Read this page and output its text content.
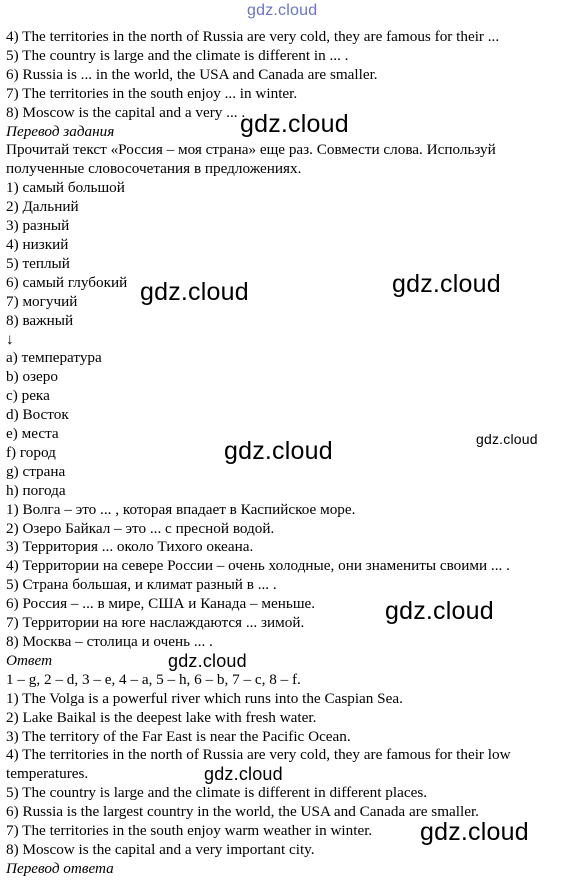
4) The territories in the north of Russia are very cold, they are famous for their ...
5) The country is large and the climate is different in ... .
6) Russia is ... in the world, the USA and Canada are smaller.
7) The territories in the south enjoy ... in winter.
8) Moscow is the capital and a very ... .
Перевод задания
Прочитай текст «Россия – моя страна» еще раз. Совмести слова. Используй полученные словосочетания в предложениях.
1) самый большой
2) Дальний
3) разный
4) низкий
5) теплый
6) самый глубокий
7) могучий
8) важный
↓
a) температура
b) озеро
c) река
d) Восток
e) места
f) город
g) страна
h) погода
1) Волга – это ... , которая впадает в Каспийское море.
2) Озеро Байкал – это ... с пресной водой.
3) Территория ... около Тихого океана.
4) Территории на севере России – очень холодные, они знамениты своими ... .
5) Страна большая, и климат разный в ... .
6) Россия – ... в мире, США и Канада – меньше.
7) Территории на юге наслаждаются ... зимой.
8) Москва – столица и очень ... .
Ответ
1 – g, 2 – d, 3 – e, 4 – a, 5 – h, 6 – b, 7 – c, 8 – f.
1) The Volga is a powerful river which runs into the Caspian Sea.
2) Lake Baikal is the deepest lake with fresh water.
3) The territory of the Far East is near the Pacific Ocean.
4) The territories in the north of Russia are very cold, they are famous for their low temperatures.
5) The country is large and the climate is different in different places.
6) Russia is the largest country in the world, the USA and Canada are smaller.
7) The territories in the south enjoy warm weather in winter.
8) Moscow is the capital and a very important city.
Перевод ответа
gdz.cloud
gdz.cloud
gdz.cloud	gdz.cloud
gdz.cloud	gdz.cloud
gdz.cloud
gdz.cloud
gdz.cloud
gdz.cloud
